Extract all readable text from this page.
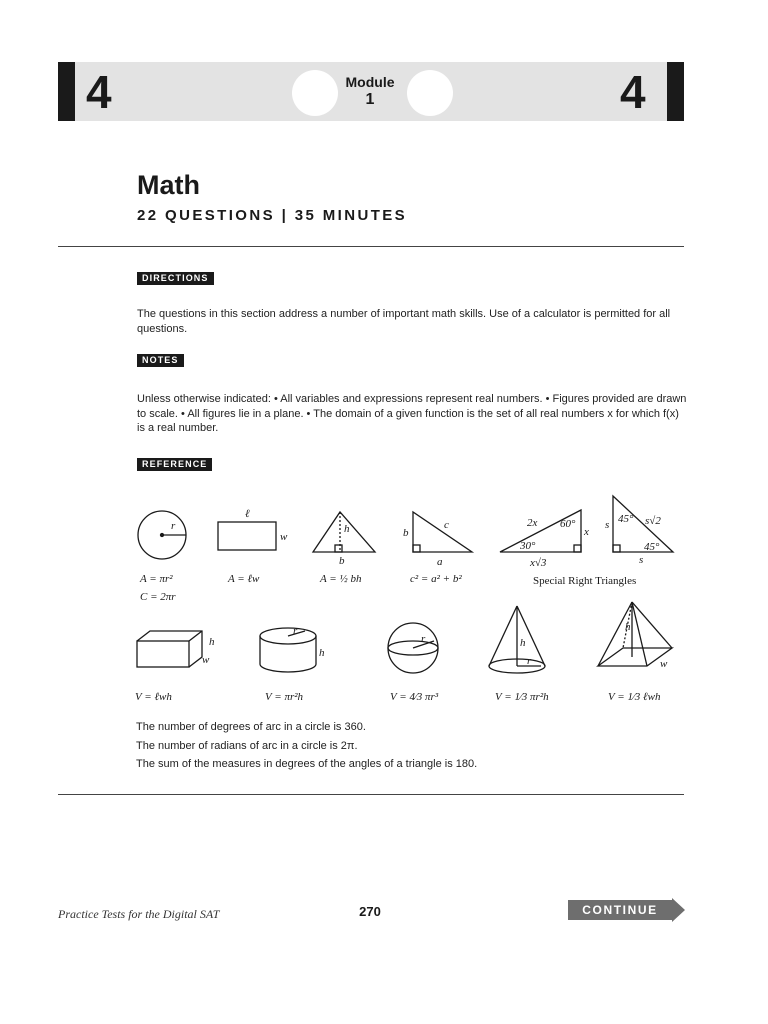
4	4
Module
1
Math
22 QUESTIONS | 35 MINUTES
DIRECTIONS
The questions in this section address a number of important math skills. Use of a calculator is permitted for all questions.
NOTES
Unless otherwise indicated: • All variables and expressions represent real numbers. • Figures provided are drawn to scale. • All figures lie in a plane. • The domain of a given function is the set of all real numbers x for which f(x) is a real number.
REFERENCE
r
A = πr²
C = 2πr
ℓ
w
A = ℓw
h
b
A = ½ bh
b
c
a
c² = a² + b²
2x 60°
30°
x
x√3
Special Right Triangles
45°
s	s√2
45°
s
h
w
V = ℓwh
r
h
V = πr²h
r
V = 4⁄3 πr³
h
r
V = 1⁄3 πr²h
h
w
V = 1⁄3 ℓwh
The number of degrees of arc in a circle is 360.
The number of radians of arc in a circle is 2π.
The sum of the measures in degrees of the angles of a triangle is 180.
Practice Tests for the Digital SAT	270	CONTINUE
